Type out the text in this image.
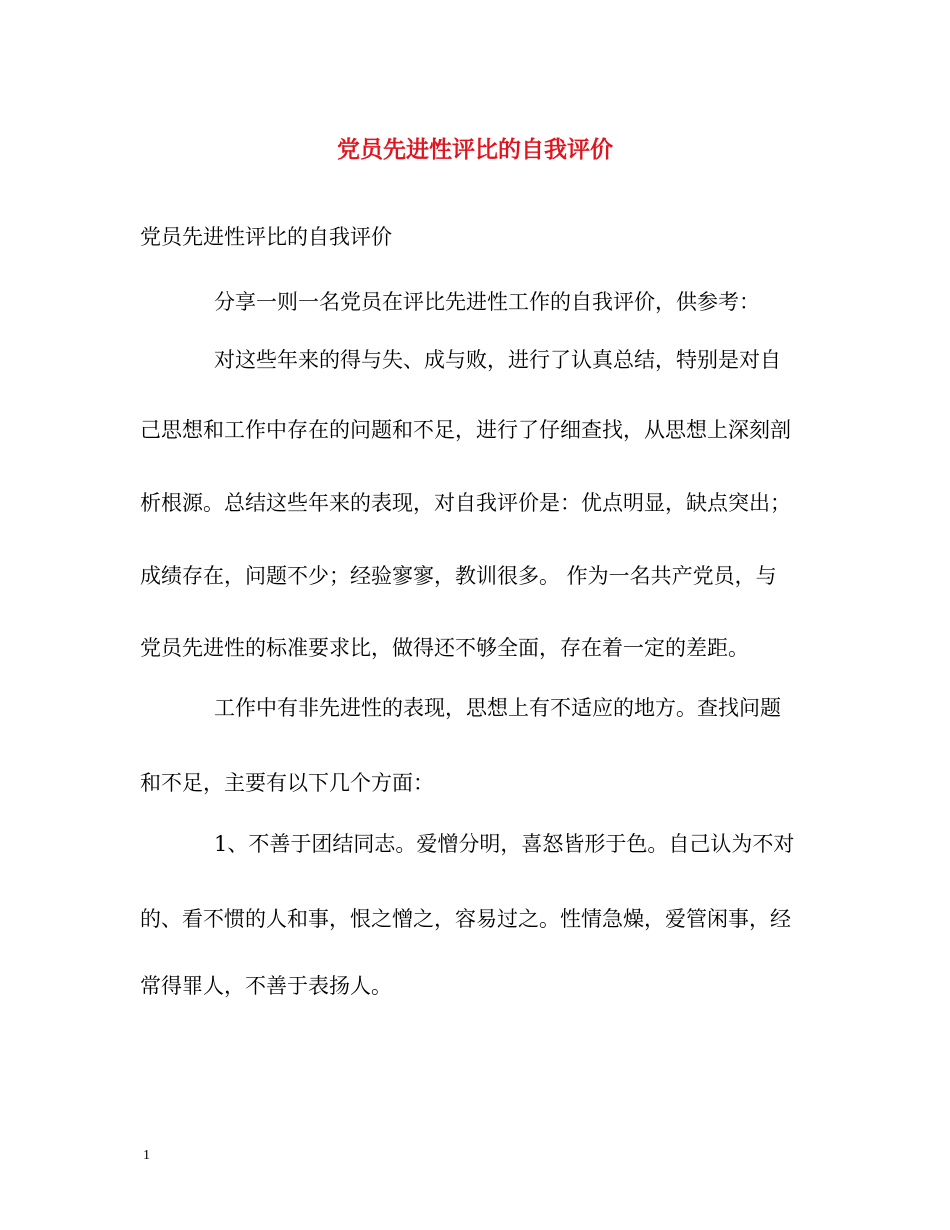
党员先进性评比的自我评价

党员先进性评比的自我评价

分享一则一名党员在评比先进性工作的自我评价，供参考：

对这些年来的得与失、成与败，进行了认真总结，特别是对自

己思想和工作中存在的问题和不足，进行了仔细查找，从思想上深刻剖

析根源。总结这些年来的表现，对自我评价是：优点明显，缺点突出；

成绩存在，问题不少；经验寥寥，教训很多。 作为一名共产党员，与

党员先进性的标准要求比，做得还不够全面，存在着一定的差距。

工作中有非先进性的表现，思想上有不适应的地方。查找问题

和不足，主要有以下几个方面：

1、不善于团结同志。爱憎分明，喜怒皆形于色。自己认为不对

的、看不惯的人和事，恨之憎之，容易过之。性情急燥，爱管闲事，经

常得罪人，不善于表扬人。

1
